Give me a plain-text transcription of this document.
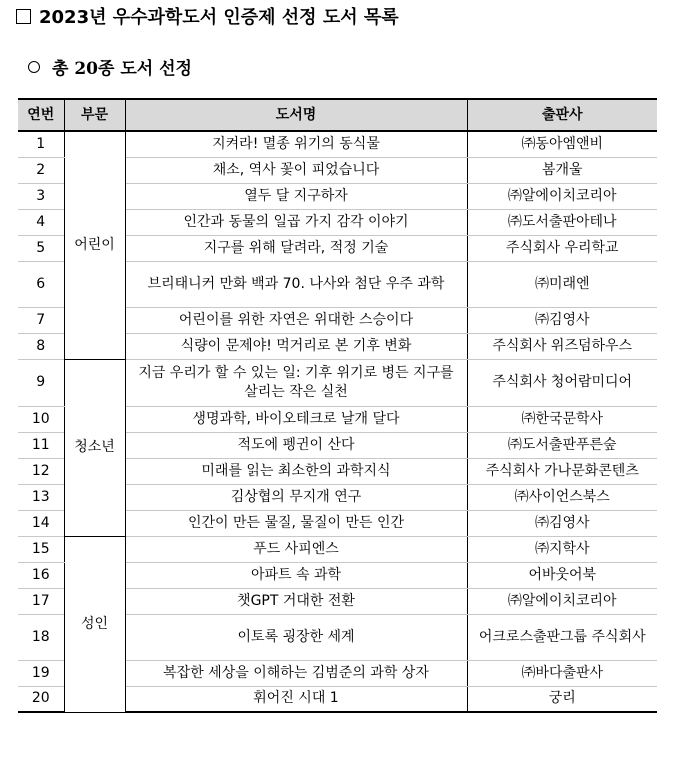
2023년 우수과학도서 인증제 선정 도서 목록
총 20종 도서 선정
연번	부문	도서명	출판사
1	어린이	지켜라! 멸종 위기의 동식물	㈜동아엠앤비
2		채소, 역사 꽃이 피었습니다	봄개울
3		열두 달 지구하자	㈜알에이치코리아
4		인간과 동물의 일곱 가지 감각 이야기	㈜도서출판아테나
5		지구를 위해 달려라, 적정 기술	주식회사 우리학교
6		브리태니커 만화 백과 70. 나사와 첨단 우주 과학	㈜미래엔
7		어린이를 위한 자연은 위대한 스승이다	㈜김영사
8		식량이 문제야! 먹거리로 본 기후 변화	주식회사 위즈덤하우스
9	청소년	지금 우리가 할 수 있는 일: 기후 위기로 병든 지구를 살리는 작은 실천	주식회사 청어람미디어
10		생명과학, 바이오테크로 날개 달다	㈜한국문학사
11		적도에 펭귄이 산다	㈜도서출판푸른숲
12		미래를 읽는 최소한의 과학지식	주식회사 가나문화콘텐츠
13		김상협의 무지개 연구	㈜사이언스북스
14		인간이 만든 물질, 물질이 만든 인간	㈜김영사
15	성인	푸드 사피엔스	㈜지학사
16		아파트 속 과학	어바웃어북
17		챗GPT 거대한 전환	㈜알에이치코리아
18		이토록 굉장한 세계	어크로스출판그룹 주식회사
19		복잡한 세상을 이해하는 김범준의 과학 상자	㈜바다출판사
20		휘어진 시대 1	궁리
